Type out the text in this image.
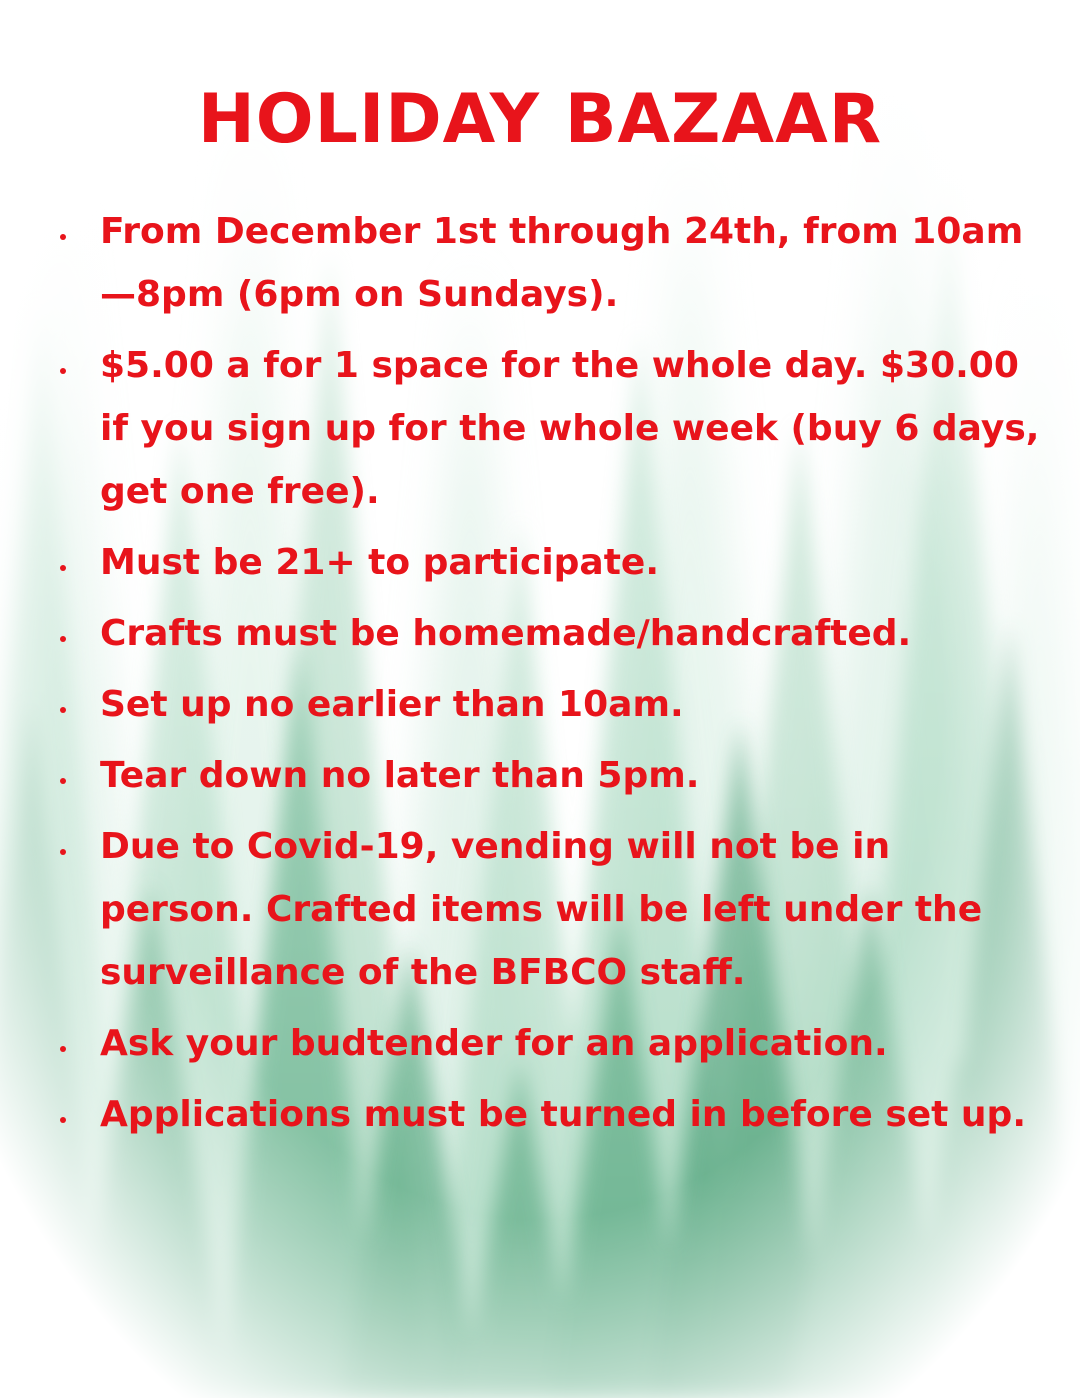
HOLIDAY BAZAAR
From December 1st through 24th, from 10am—8pm (6pm on Sundays).
$5.00 a for 1 space for the whole day. $30.00 if you sign up for the whole week (buy 6 days, get one free).
Must be 21+ to participate.
Crafts must be homemade/handcrafted.
Set up no earlier than 10am.
Tear down no later than 5pm.
Due to Covid-19, vending will not be in person. Crafted items will be left under the surveillance of the BFBCO staff.
Ask your budtender for an application.
Applications must be turned in before set up.
